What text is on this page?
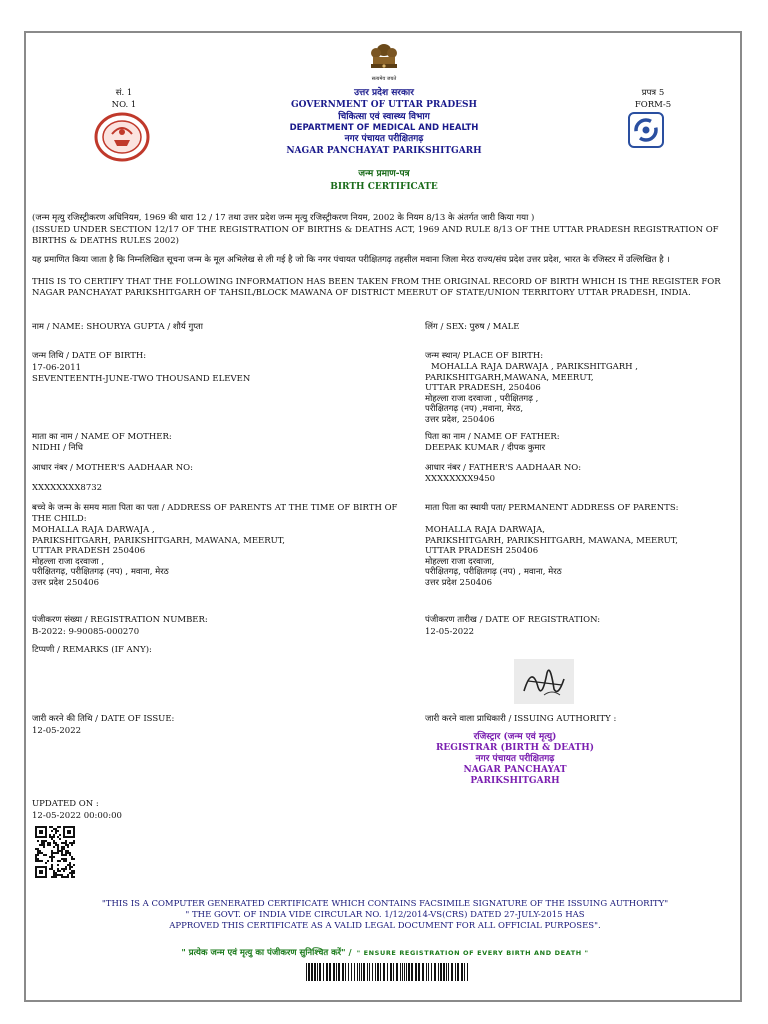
सत्यमेव जयते
सं. 1
NO. 1
उत्तर प्रदेश सरकार
GOVERNMENT OF UTTAR PRADESH
चिकित्सा एवं स्वास्थ्य विभाग
DEPARTMENT OF MEDICAL AND HEALTH
नगर पंचायत परीक्षितगढ़
NAGAR PANCHAYAT PARIKSHITGARH
जन्म प्रमाण-पत्र
BIRTH CERTIFICATE
प्रपत्र 5
FORM-5
(जन्म मृत्यु रजिस्ट्रीकरण अधिनियम, 1969 की धारा 12 / 17 तथा उत्तर प्रदेश जन्म मृत्यु रजिस्ट्रीकरण नियम, 2002 के नियम 8/13 के अंतर्गत जारी किया गया )
(ISSUED UNDER SECTION 12/17 OF THE REGISTRATION OF BIRTHS & DEATHS ACT, 1969 AND RULE 8/13 OF THE UTTAR PRADESH REGISTRATION OF BIRTHS & DEATHS RULES 2002)
यह प्रमाणित किया जाता है कि निम्नलिखित सूचना जन्म के मूल अभिलेख से ली गई है जो कि नगर पंचायत परीक्षितगढ़ तहसील मवाना जिला मेरठ राज्य/संघ प्रदेश उत्तर प्रदेश, भारत के रजिस्टर में उल्लिखित है ।
THIS IS TO CERTIFY THAT THE FOLLOWING INFORMATION HAS BEEN TAKEN FROM THE ORIGINAL RECORD OF BIRTH WHICH IS THE REGISTER FOR NAGAR PANCHAYAT PARIKSHITGARH OF TAHSIL/BLOCK MAWANA OF DISTRICT MEERUT OF STATE/UNION TERRITORY UTTAR PRADESH, INDIA.
नाम / NAME: SHOURYA GUPTA / शौर्य गुप्ता	लिंग / SEX: पुरुष / MALE
जन्म तिथि / DATE OF BIRTH:
17-06-2011
SEVENTEENTH-JUNE-TWO THOUSAND ELEVEN
जन्म स्थान/ PLACE OF BIRTH:
MOHALLA RAJA DARWAJA , PARIKSHITGARH ,
PARIKSHITGARH,MAWANA, MEERUT,
UTTAR PRADESH, 250406
मोहल्ला राजा दरवाजा , परीक्षितगढ़ ,
परीक्षितगढ़ (नप) ,मवाना, मेरठ,
उत्तर प्रदेश, 250406
माता का नाम / NAME OF MOTHER:
NIDHI / निधि
पिता का नाम / NAME OF FATHER:
DEEPAK KUMAR / दीपक कुमार
आधार नंबर / MOTHER'S AADHAAR NO:
XXXXXXXX8732
आधार नंबर / FATHER'S AADHAAR NO:
XXXXXXXX9450
बच्चे के जन्म के समय माता पिता का पता / ADDRESS OF PARENTS AT THE TIME OF BIRTH OF THE CHILD:
MOHALLA RAJA DARWAJA ,
PARIKSHITGARH, PARIKSHITGARH, MAWANA, MEERUT,
UTTAR PRADESH 250406
मोहल्ला राजा दरवाजा ,
परीक्षितगढ़, परीक्षितगढ़ (नप) , मवाना, मेरठ
उत्तर प्रदेश 250406
माता पिता का स्थायी पता/ PERMANENT ADDRESS OF PARENTS:
MOHALLA RAJA DARWAJA,
PARIKSHITGARH, PARIKSHITGARH, MAWANA, MEERUT,
UTTAR PRADESH 250406
मोहल्ला राजा दरवाजा,
परीक्षितगढ़, परीक्षितगढ़ (नप) , मवाना, मेरठ
उत्तर प्रदेश 250406
पंजीकरण संख्या / REGISTRATION NUMBER:
B-2022: 9-90085-000270
पंजीकरण तारीख / DATE OF REGISTRATION:
12-05-2022
टिप्पणी / REMARKS (IF ANY):
जारी करने की तिथि / DATE OF ISSUE:
12-05-2022
जारी करने वाला प्राधिकारी / ISSUING AUTHORITY :
रजिस्ट्रार (जन्म एवं मृत्यु)
REGISTRAR (BIRTH & DEATH)
नगर पंचायत परीक्षितगढ़
NAGAR PANCHAYAT PARIKSHITGARH
UPDATED ON :
12-05-2022 00:00:00
"THIS IS A COMPUTER GENERATED CERTIFICATE WHICH CONTAINS FACSIMILE SIGNATURE OF THE ISSUING AUTHORITY"
" THE GOVT. OF INDIA VIDE CIRCULAR NO. 1/12/2014-VS(CRS) DATED 27-JULY-2015 HAS
APPROVED THIS CERTIFICATE AS A VALID LEGAL DOCUMENT FOR ALL OFFICIAL PURPOSES".
" प्रत्येक जन्म एवं मृत्यु का पंजीकरण सुनिश्चित करें" / " ENSURE REGISTRATION OF EVERY BIRTH AND DEATH "
